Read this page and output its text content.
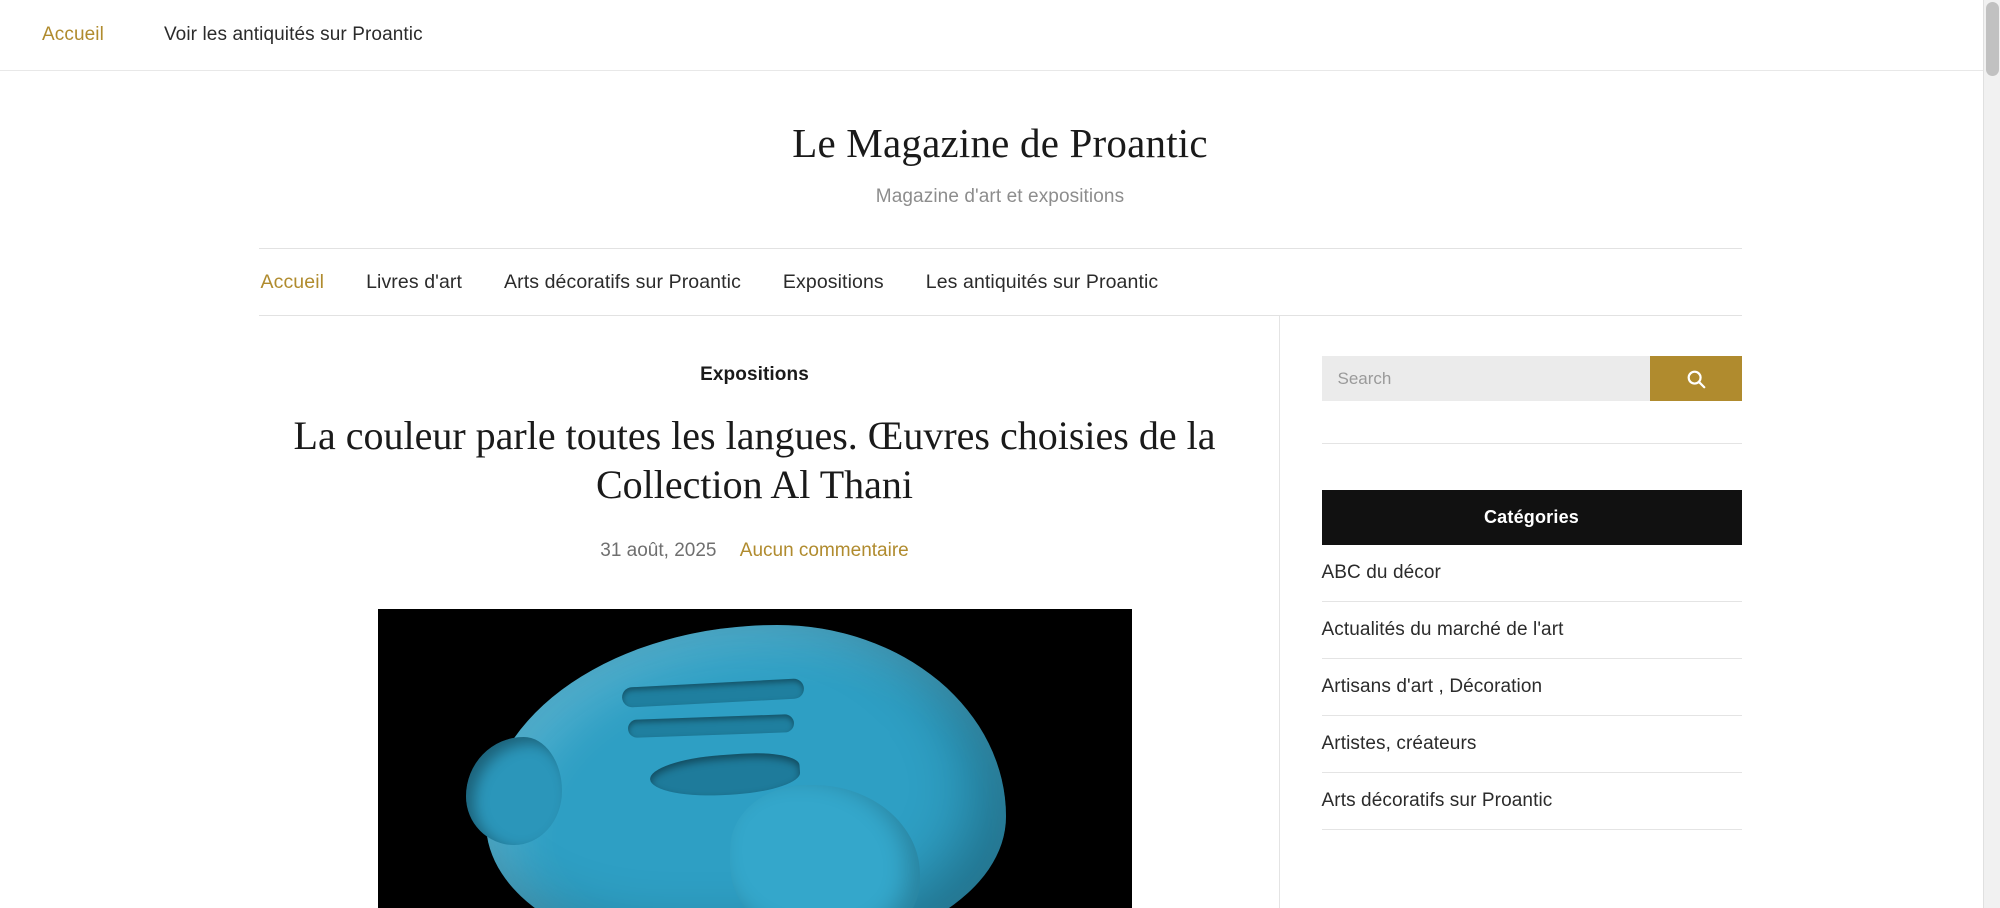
Accueil	Voir les antiquités sur Proantic
Le Magazine de Proantic
Magazine d'art et expositions
Accueil Livres d'art Arts décoratifs sur Proantic Expositions Les antiquités sur Proantic
Expositions
La couleur parle toutes les langues. Œuvres choisies de la Collection Al Thani
31 août, 2025 Aucun commentaire
Search
Catégories
ABC du décor
Actualités du marché de l'art
Artisans d'art , Décoration
Artistes, créateurs
Arts décoratifs sur Proantic
